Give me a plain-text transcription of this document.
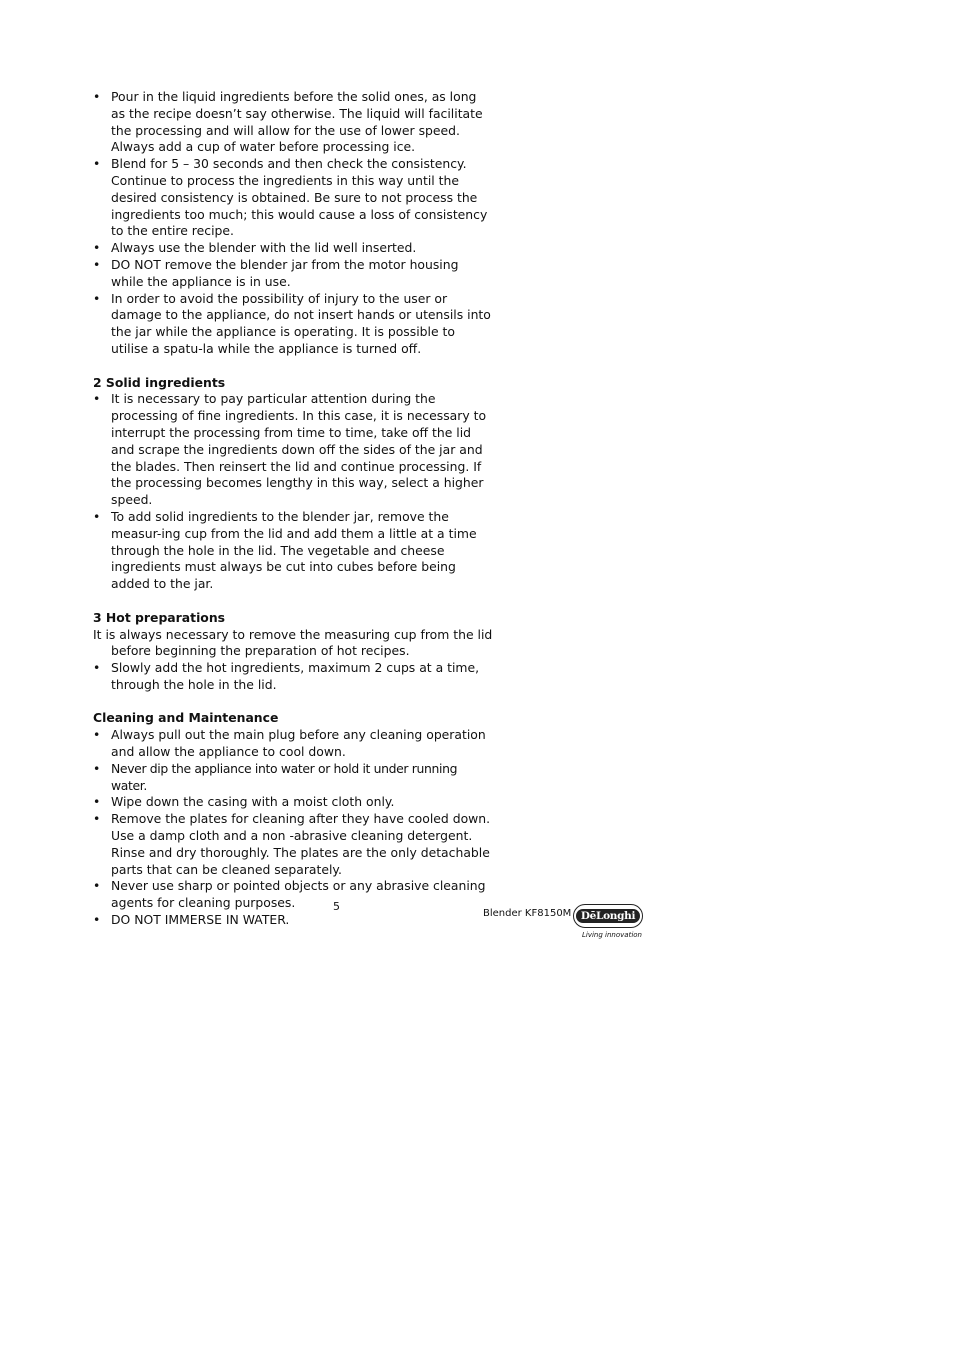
• Pour in the liquid ingredients before the solid ones, as long as the recipe doesn’t say otherwise. The liquid will facilitate the processing and will allow for the use of lower speed. Always add a cup of water before processing ice.
• Blend for 5 – 30 seconds and then check the consistency. Continue to process the ingredients in this way until the desired consistency is obtained. Be sure to not process the ingredients too much; this would cause a loss of consistency to the entire recipe.
• Always use the blender with the lid well inserted.
• DO NOT remove the blender jar from the motor housing while the appliance is in use.
• In order to avoid the possibility of injury to the user or damage to the appliance, do not insert hands or utensils into the jar while the appliance is operating. It is possible to utilise a spatu-la while the appliance is turned off.
2 Solid ingredients
• It is necessary to pay particular attention during the processing of fine ingredients. In this case, it is necessary to interrupt the processing from time to time, take off the lid and scrape the ingredients down off the sides of the jar and the blades. Then reinsert the lid and continue processing. If the processing becomes lengthy in this way, select a higher speed.
• To add solid ingredients to the blender jar, remove the measur-ing cup from the lid and add them a little at a time through the hole in the lid. The vegetable and cheese ingredients must always be cut into cubes before being added to the jar.
3 Hot preparations

It is always necessary to remove the measuring cup from the lid before beginning the preparation of hot recipes.

• Slowly add the hot ingredients, maximum 2 cups at a time, through the hole in the lid.
Cleaning and Maintenance
• Always pull out the main plug before any cleaning operation and allow the appliance to cool down.
• Never dip the appliance into water or hold it under running water.
• Wipe down the casing with a moist cloth only.
• Remove the plates for cleaning after they have cooled down. Use a damp cloth and a non -abrasive cleaning detergent. Rinse and dry thoroughly. The plates are the only detachable parts that can be cleaned separately.
• Never use sharp or pointed objects or any abrasive cleaning agents for cleaning purposes.
• DO NOT IMMERSE IN WATER.
5
Blender KF8150M DēLonghi
Living innovation
